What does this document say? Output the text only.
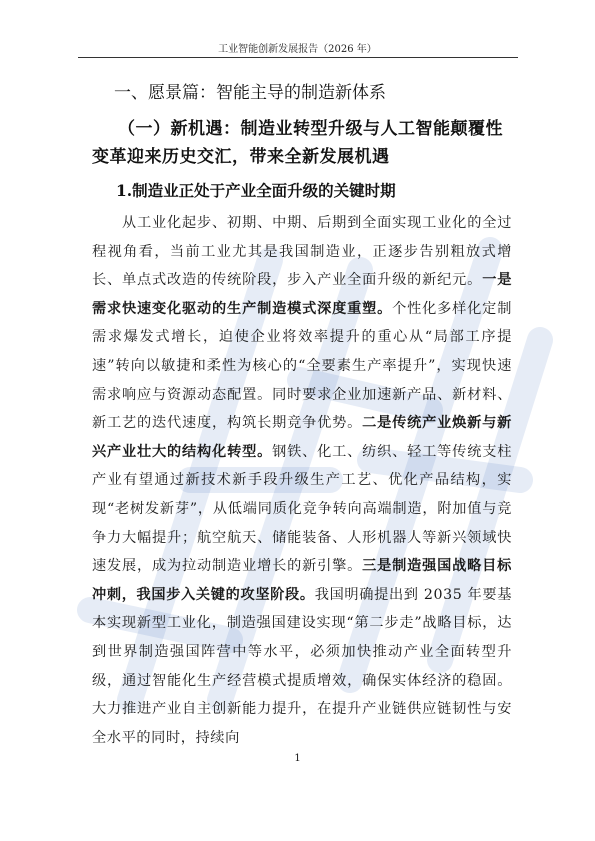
工业智能创新发展报告（2026 年）
一、愿景篇：智能主导的制造新体系
（一）新机遇：制造业转型升级与人工智能颠覆性变革迎来历史交汇，带来全新发展机遇
1.制造业正处于产业全面升级的关键时期

从工业化起步、初期、中期、后期到全面实现工业化的全过程视角看，当前工业尤其是我国制造业，正逐步告别粗放式增长、单点式改造的传统阶段，步入产业全面升级的新纪元。一是需求快速变化驱动的生产制造模式深度重塑。个性化多样化定制需求爆发式增长，迫使企业将效率提升的重心从“局部工序提速”转向以敏捷和柔性为核心的“全要素生产率提升”，实现快速需求响应与资源动态配置。同时要求企业加速新产品、新材料、新工艺的迭代速度，构筑长期竞争优势。二是传统产业焕新与新兴产业壮大的结构化转型。钢铁、化工、纺织、轻工等传统支柱产业有望通过新技术新手段升级生产工艺、优化产品结构，实现“老树发新芽”，从低端同质化竞争转向高端制造，附加值与竞争力大幅提升；航空航天、储能装备、人形机器人等新兴领域快速发展，成为拉动制造业增长的新引擎。三是制造强国战略目标冲刺，我国步入关键的攻坚阶段。我国明确提出到 2035 年要基本实现新型工业化，制造强国建设实现“第二步走”战略目标，达到世界制造强国阵营中等水平，必须加快推动产业全面转型升级，通过智能化生产经营模式提质增效，确保实体经济的稳固。大力推进产业自主创新能力提升，在提升产业链供应链韧性与安全水平的同时，持续向

1
